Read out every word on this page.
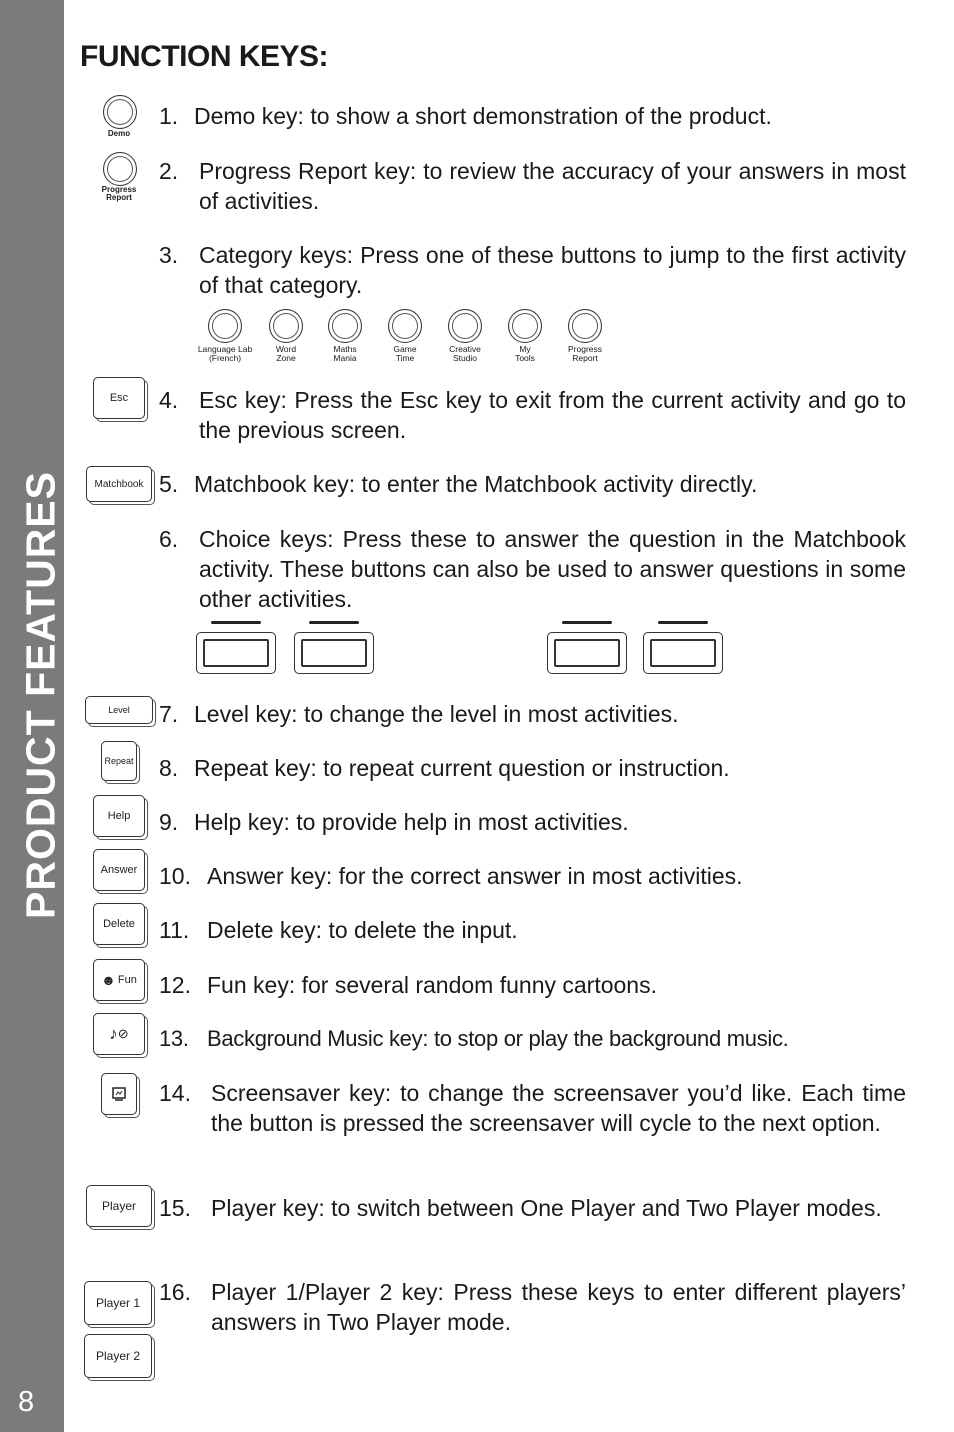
PRODUCT FEATURES
8
FUNCTION KEYS:
Demo
Progress
Report
Language Lab
(French)
Word
Zone
Maths
Mania
Game
Time
Creative
Studio
My
Tools
Progress
Report
Esc
Matchbook
Level
Repeat
Help
Answer
Delete
☻ Fun
♪ ⊘
Player
Player 1
Player 2
1. Demo key: to show a short demonstration of the product.
2. Progress Report key: to review the accuracy of your answers in most of activities.
3. Category keys: Press one of these buttons to jump to the first activity of that category.
4. Esc key: Press the Esc key to exit from the current activity and go to the previous screen.
5. Matchbook key: to enter the Matchbook activity directly.
6. Choice keys: Press these to answer the question in the Matchbook activity. These buttons can also be used to answer questions in some other activities.
7. Level key: to change the level in most activities.
8. Repeat key: to repeat current question or instruction.
9. Help key: to provide help in most activities.
10. Answer key: for the correct answer in most activities.
11. Delete key: to delete the input.
12. Fun key: for several random funny cartoons.
13. Background Music key: to stop or play the background music.
14. Screensaver key: to change the screensaver you’d like. Each time the button is pressed the screensaver will cycle to the next option.
15. Player key: to switch between One Player and Two Player modes.
16. Player 1/Player 2 key: Press these keys to enter different players’ answers in Two Player mode.
